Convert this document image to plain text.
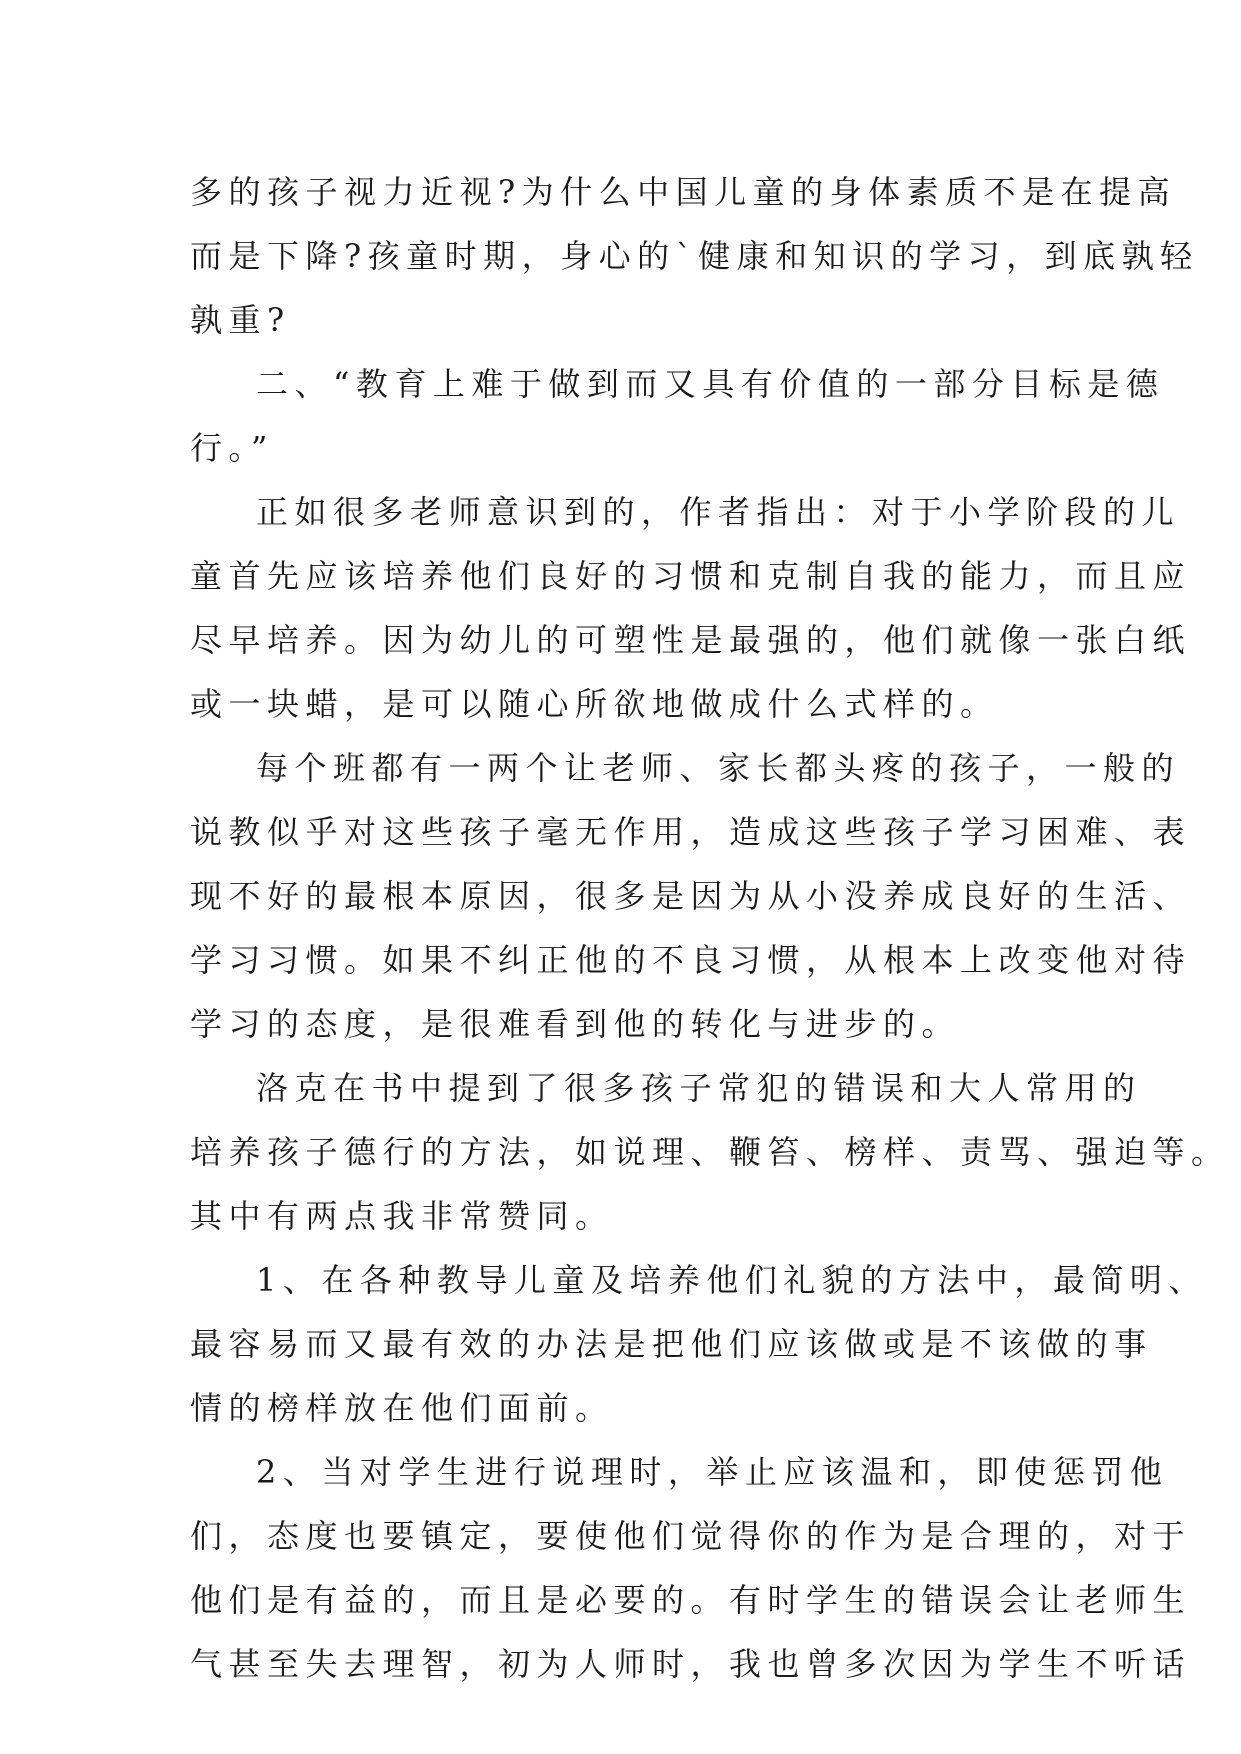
多的孩子视力近视?为什么中国儿童的身体素质不是在提高
而是下降?孩童时期，身心的`健康和知识的学习，到底孰轻
孰重?
二、“教育上难于做到而又具有价值的一部分目标是德
行。”
正如很多老师意识到的，作者指出：对于小学阶段的儿
童首先应该培养他们良好的习惯和克制自我的能力，而且应
尽早培养。因为幼儿的可塑性是最强的，他们就像一张白纸
或一块蜡，是可以随心所欲地做成什么式样的。
每个班都有一两个让老师、家长都头疼的孩子，一般的
说教似乎对这些孩子毫无作用，造成这些孩子学习困难、表
现不好的最根本原因，很多是因为从小没养成良好的生活、
学习习惯。如果不纠正他的不良习惯，从根本上改变他对待
学习的态度，是很难看到他的转化与进步的。
洛克在书中提到了很多孩子常犯的错误和大人常用的
培养孩子德行的方法，如说理、鞭笞、榜样、责骂、强迫等。
其中有两点我非常赞同。
1、在各种教导儿童及培养他们礼貌的方法中，最简明、
最容易而又最有效的办法是把他们应该做或是不该做的事
情的榜样放在他们面前。
2、当对学生进行说理时，举止应该温和，即使惩罚他
们，态度也要镇定，要使他们觉得你的作为是合理的，对于
他们是有益的，而且是必要的。有时学生的错误会让老师生
气甚至失去理智，初为人师时，我也曾多次因为学生不听话
